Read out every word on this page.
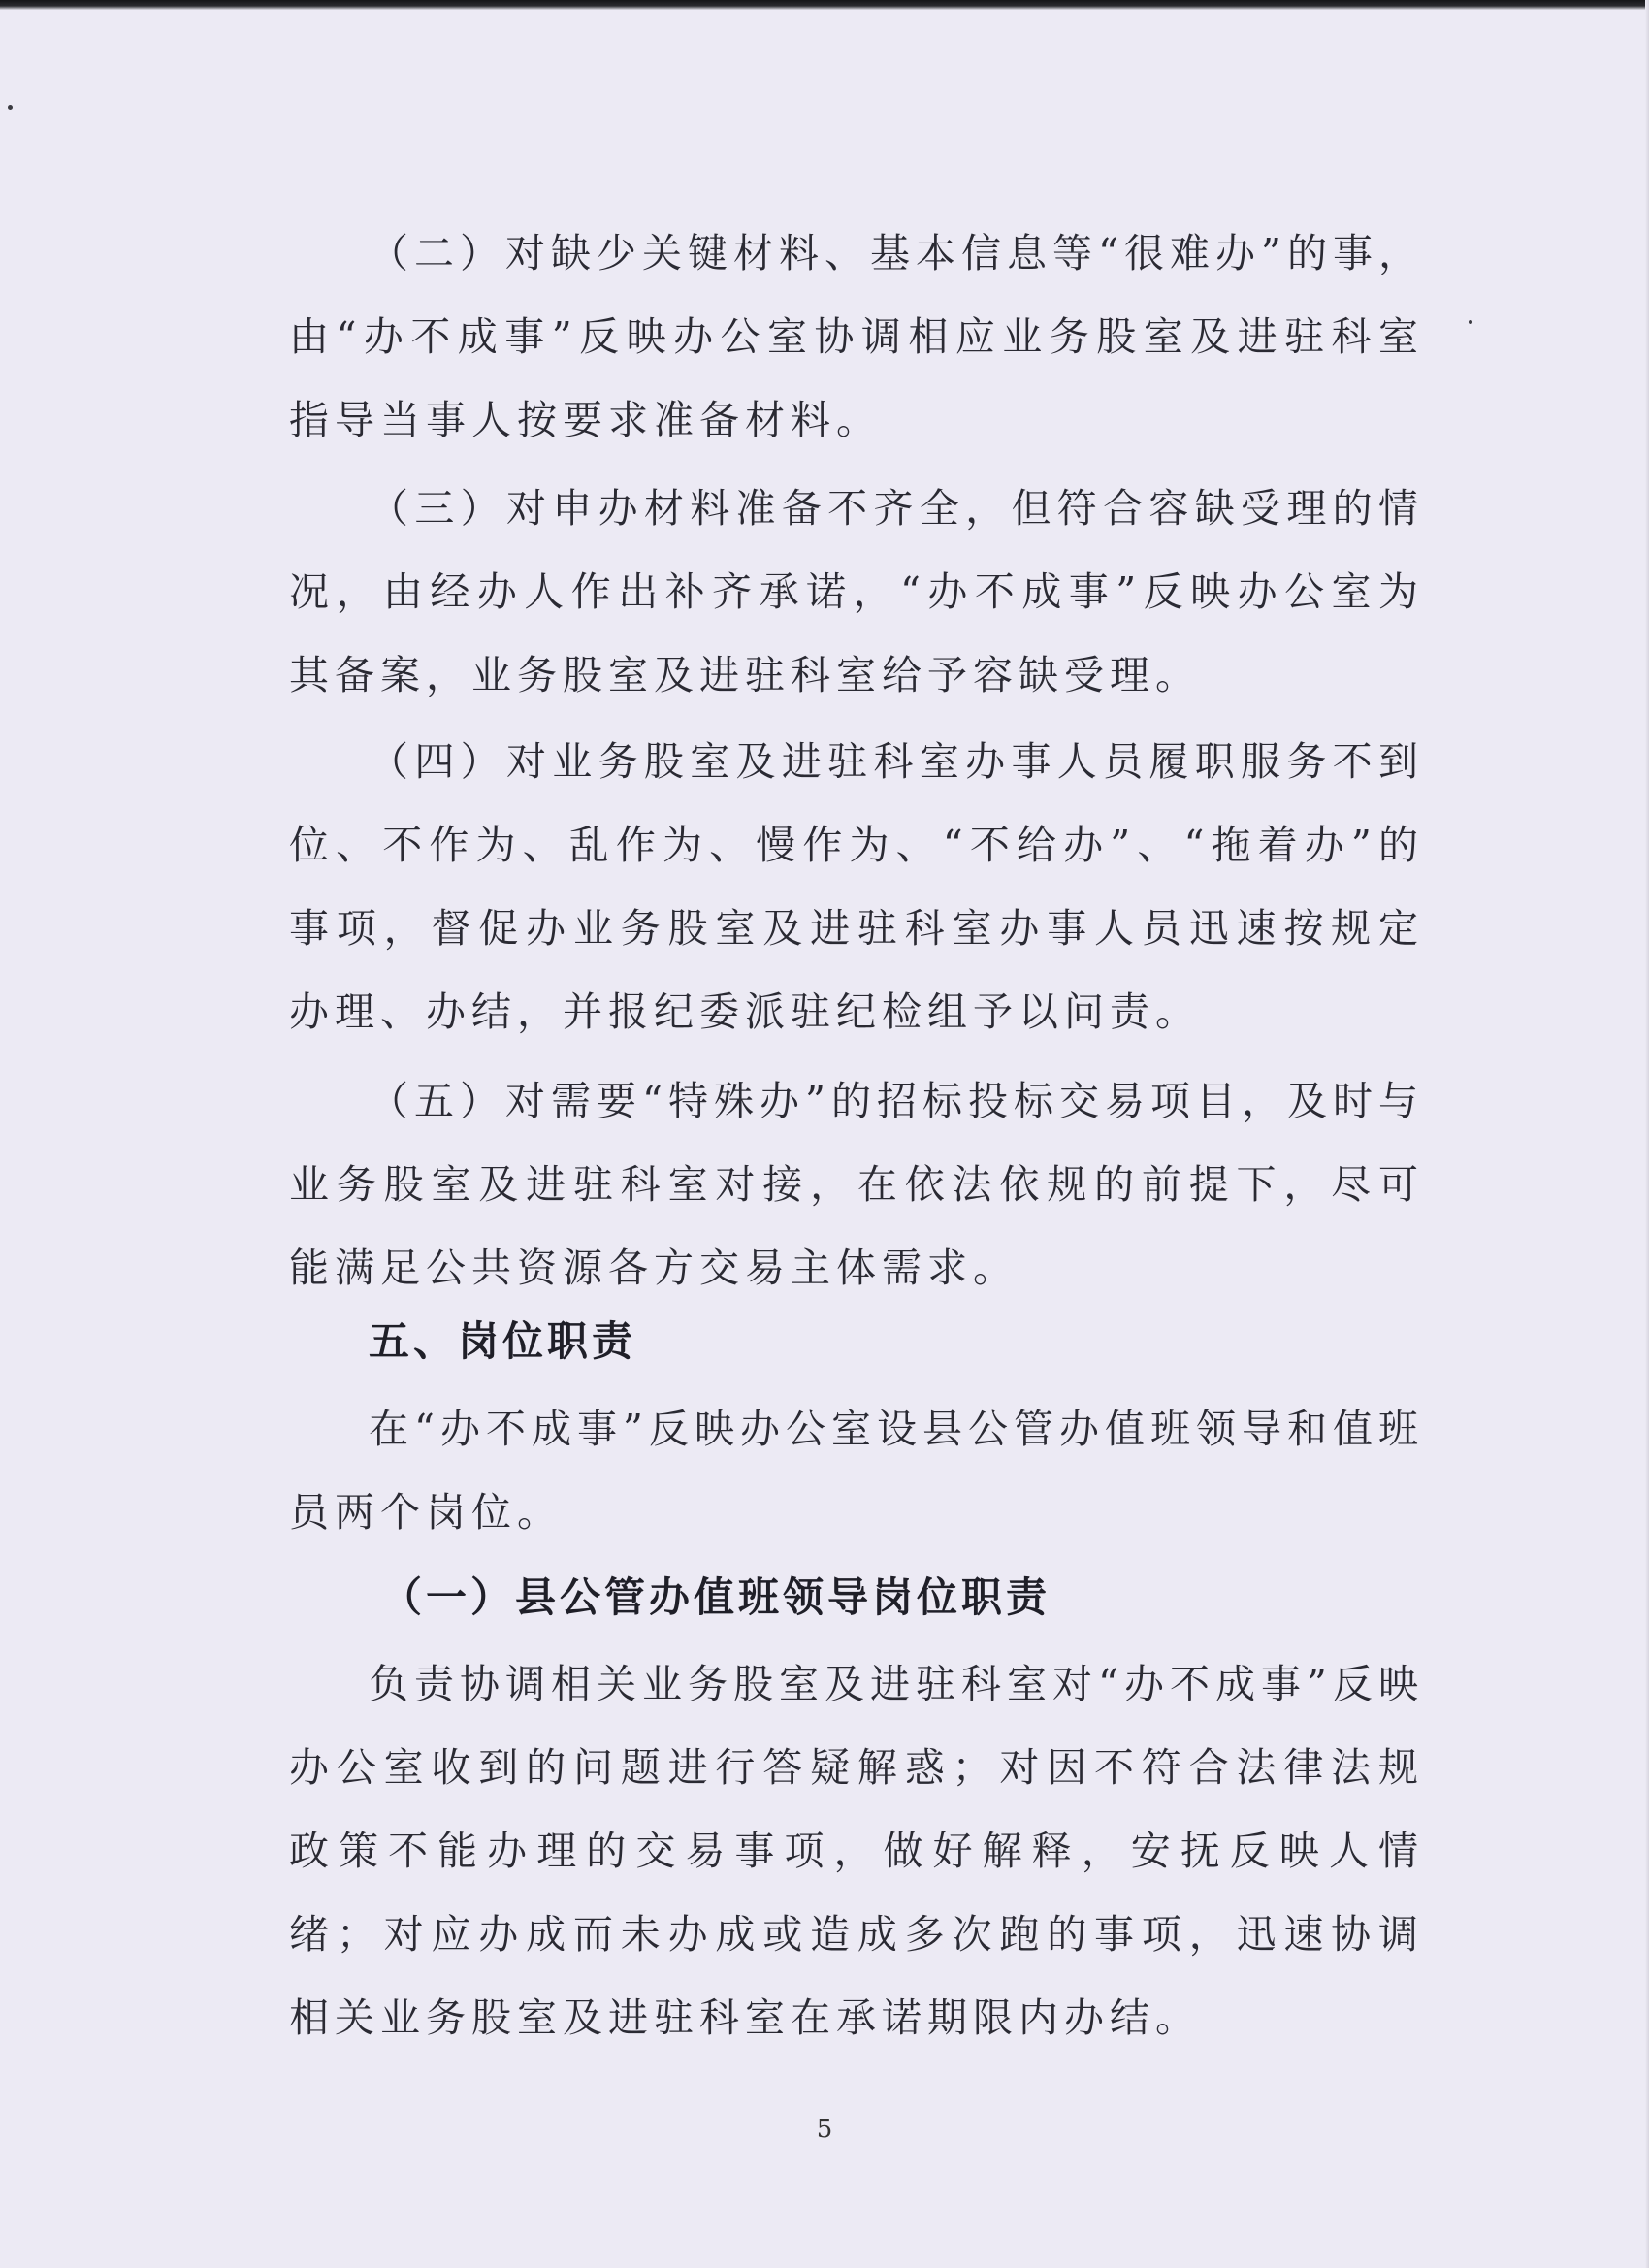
（二）对缺少关键材料、基本信息等“很难办”的事，由“办不成事”反映办公室协调相应业务股室及进驻科室指导当事人按要求准备材料。

（三）对申办材料准备不齐全，但符合容缺受理的情况，由经办人作出补齐承诺，“办不成事”反映办公室为其备案，业务股室及进驻科室给予容缺受理。

（四）对业务股室及进驻科室办事人员履职服务不到位、不作为、乱作为、慢作为、“不给办”、“拖着办”的事项，督促办业务股室及进驻科室办事人员迅速按规定办理、办结，并报纪委派驻纪检组予以问责。

（五）对需要“特殊办”的招标投标交易项目，及时与业务股室及进驻科室对接，在依法依规的前提下，尽可能满足公共资源各方交易主体需求。

五、岗位职责

在“办不成事”反映办公室设县公管办值班领导和值班员两个岗位。

（一）县公管办值班领导岗位职责

负责协调相关业务股室及进驻科室对“办不成事”反映办公室收到的问题进行答疑解惑；对因不符合法律法规政策不能办理的交易事项，做好解释，安抚反映人情绪；对应办成而未办成或造成多次跑的事项，迅速协调相关业务股室及进驻科室在承诺期限内办结。

5
